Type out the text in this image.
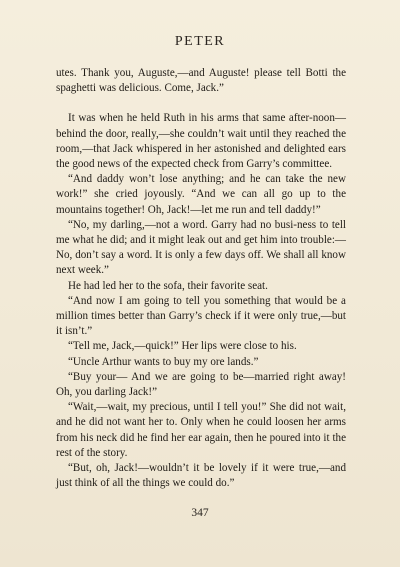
PETER

utes. Thank you, Auguste,—and Auguste! please tell Botti the spaghetti was delicious. Come, Jack.”

It was when he held Ruth in his arms that same after-noon—behind the door, really,—she couldn’t wait until they reached the room,—that Jack whispered in her astonished and delighted ears the good news of the expected check from Garry’s committee.

“And daddy won’t lose anything; and he can take the new work!” she cried joyously. “And we can all go up to the mountains together! Oh, Jack!—let me run and tell daddy!”

“No, my darling,—not a word. Garry had no busi-ness to tell me what he did; and it might leak out and get him into trouble:— No, don’t say a word. It is only a few days off. We shall all know next week.”

He had led her to the sofa, their favorite seat.

“And now I am going to tell you something that would be a million times better than Garry’s check if it were only true,—but it isn’t.”

“Tell me, Jack,—quick!” Her lips were close to his.

“Uncle Arthur wants to buy my ore lands.”

“Buy your— And we are going to be—married right away! Oh, you darling Jack!”

“Wait,—wait, my precious, until I tell you!” She did not wait, and he did not want her to. Only when he could loosen her arms from his neck did he find her ear again, then he poured into it the rest of the story.

“But, oh, Jack!—wouldn’t it be lovely if it were true,—and just think of all the things we could do.”

347
